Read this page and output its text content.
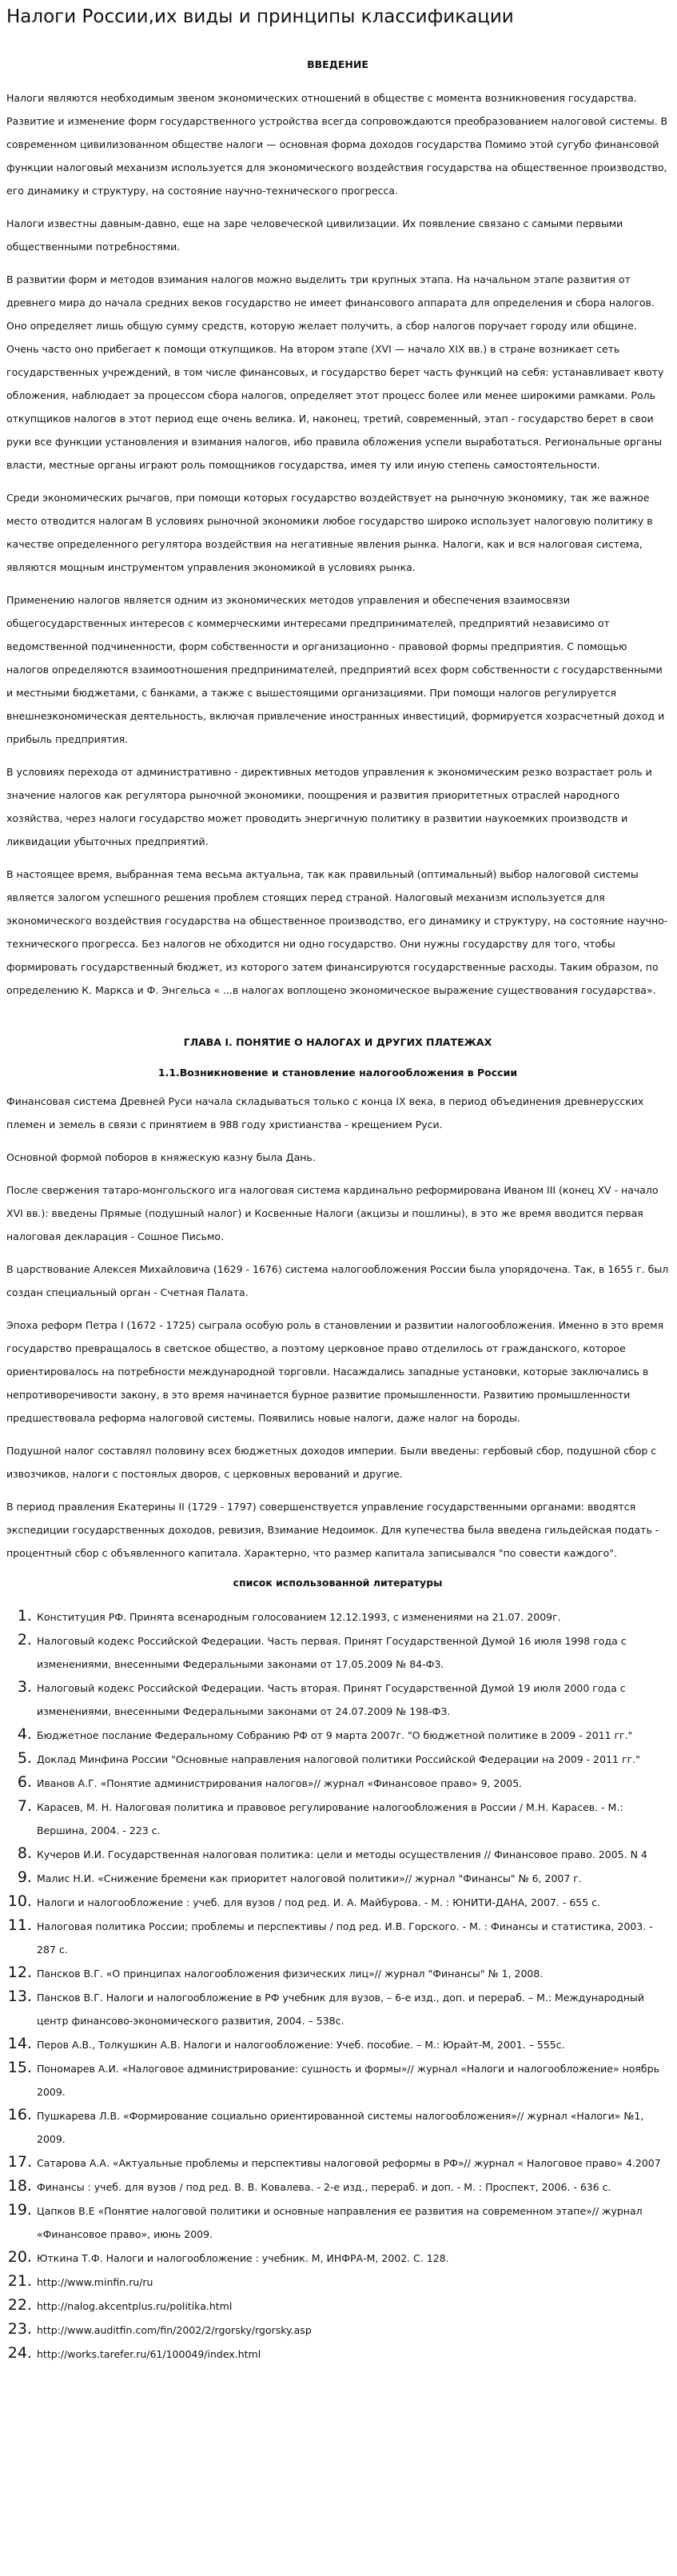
Налоги России,их виды и принципы классификации
ВВЕДЕНИЕ

Налоги являются необходимым звеном экономических отношений в обществе с момента возникновения государства. Развитие и изменение форм государственного устройства всегда сопровождаются преобразованием налоговой системы. В современном цивилизованном обществе налоги — основная форма доходов государства Помимо этой сугубо финансовой функции налоговый механизм используется для экономического воздействия государства на общественное производство, его динамику и структуру, на состояние научно-технического прогресса.

Налоги известны давным-давно, еще на заре человеческой цивилизации. Их появление связано с самыми первыми общественными потребностями.

В развитии форм и методов взимания налогов можно выделить три крупных этапа. На начальном этапе развития от древнего мира до начала средних веков государство не имеет финансового аппарата для определения и сбора налогов. Оно определяет лишь общую сумму средств, которую желает получить, а сбор налогов поручает городу или общине. Очень часто оно прибегает к помощи откупщиков. На втором этапе (XVI — начало XIX вв.) в стране возникает сеть государственных учреждений, в том числе финансовых, и государство берет часть функций на себя: устанавливает квоту обложения, наблюдает за процессом сбора налогов, определяет этот процесс более или менее широкими рамками. Роль откупщиков налогов в этот период еще очень велика. И, наконец, третий, современный, этап - государство берет в свои руки все функции установления и взимания налогов, ибо правила обложения успели выработаться. Региональные органы власти, местные органы играют роль помощников государства, имея ту или иную степень самостоятельности.

Среди экономических рычагов, при помощи которых государство воздействует на рыночную экономику, так же важное место отводится налогам В условиях рыночной экономики любое государство широко использует налоговую политику в качестве определенного регулятора воздействия на негативные явления рынка. Налоги, как и вся налоговая система, являются мощным инструментом управления экономикой в условиях рынка.

Применению налогов является одним из экономических методов управления и обеспечения взаимосвязи общегосударственных интересов с коммерческими интересами предпринимателей, предприятий независимо от ведомственной подчиненности, форм собственности и организационно - правовой формы предприятия. С помощью налогов определяются взаимоотношения предпринимателей, предприятий всех форм собственности с государственными и местными бюджетами, с банками, а также с вышестоящими организациями. При помощи налогов регулируется внешнеэкономическая деятельность, включая привлечение иностранных инвестиций, формируется хозрасчетный доход и прибыль предприятия.

В условиях перехода от административно - директивных методов управления к экономическим резко возрастает роль и значение налогов как регулятора рыночной экономики, поощрения и развития приоритетных отраслей народного хозяйства, через налоги государство может проводить энергичную политику в развитии наукоемких производств и ликвидации убыточных предприятий.

В настоящее время, выбранная тема весьма актуальна, так как правильный (оптимальный) выбор налоговой системы является залогом успешного решения проблем стоящих перед страной. Налоговый механизм используется для экономического воздействия государства на общественное производство, его динамику и структуру, на состояние научно-технического прогресса. Без налогов не обходится ни одно государство. Они нужны государству для того, чтобы формировать государственный бюджет, из которого затем финансируются государственные расходы. Таким образом, по определению К. Маркса и Ф. Энгельса « ...в налогах воплощено экономическое выражение существования государства».

ГЛАВА I. ПОНЯТИЕ О НАЛОГАХ И ДРУГИХ ПЛАТЕЖАХ
1.1.Возникновение и становление налогообложения в России

Финансовая система Древней Руси начала складываться только с конца IX века, в период объединения древнерусских племен и земель в связи с принятием в 988 году христианства - крещением Руси.

Основной формой поборов в княжескую казну была Дань.

После свержения татаро-монгольского ига налоговая система кардинально реформирована Иваном III (конец XV - начало XVI вв.): введены Прямые (подушный налог) и Косвенные Налоги (акцизы и пошлины), в это же время вводится первая налоговая декларация - Сошное Письмо.

В царствование Алексея Михайловича (1629 - 1676) система налогообложения России была упорядочена. Так, в 1655 г. был создан специальный орган - Счетная Палата.

Эпоха реформ Петра I (1672 - 1725) сыграла особую роль в становлении и развитии налогообложения. Именно в это время государство превращалось в светское общество, а поэтому церковное право отделилось от гражданского, которое ориентировалось на потребности международной торговли. Насаждались западные установки, которые заключались в непротиворечивости закону, в это время начинается бурное развитие промышленности. Развитию промышленности предшествовала реформа налоговой системы. Появились новые налоги, даже налог на бороды.

Подушной налог составлял половину всех бюджетных доходов империи. Были введены: гербовый сбор, подушной сбор с извозчиков, налоги с постоялых дворов, с церковных верований и другие.

В период правления Екатерины II (1729 - 1797) совершенствуется управление государственными органами: вводятся экспедиции государственных доходов, ревизия, Взимание Недоимок. Для купечества была введена гильдейская подать - процентный сбор с объявленного капитала. Характерно, что размер капитала записывался "по совести каждого".

список использованной литературы
1. Конституция РФ. Принята всенародным голосованием 12.12.1993, с изменениями на 21.07. 2009г.
2. Налоговый кодекс Российской Федерации. Часть первая. Принят Государственной Думой 16 июля 1998 года с изменениями, внесенными Федеральными законами от 17.05.2009 № 84-ФЗ.
3. Налоговый кодекс Российской Федерации. Часть вторая. Принят Государственной Думой 19 июля 2000 года с изменениями, внесенными Федеральными законами от 24.07.2009 № 198-ФЗ.
4. Бюджетное послание Федеральному Собранию РФ от 9 марта 2007г. "О бюджетной политике в 2009 - 2011 гг."
5. Доклад Минфина России "Основные направления налоговой политики Российской Федерации на 2009 - 2011 гг."
6. Иванов А.Г. «Понятие администрирования налогов»// журнал «Финансовое право» 9, 2005.
7. Карасев, М. Н. Налоговая политика и правовое регулирование налогообложения в России / М.Н. Карасев. - М.: Вершина, 2004. - 223 с.
8. Кучеров И.И. Государственная налоговая политика: цели и методы осуществления // Финансовое право. 2005. N 4
9. Малис Н.И. «Снижение бремени как приоритет налоговой политики»// журнал "Финансы" № 6, 2007 г.
10. Налоги и налогообложение : учеб. для вузов / под ред. И. А. Майбурова. - М. : ЮНИТИ-ДАНА, 2007. - 655 с.
11. Налоговая политика России; проблемы и перспективы / под ред. И.В. Горского. - М. : Финансы и статистика, 2003. - 287 с.
12. Пансков В.Г. «О принципах налогообложения физических лиц»// журнал "Финансы" № 1, 2008.
13. Пансков В.Г. Налоги и налогообложение в РФ учебник для вузов, – 6-е изд., доп. и перераб. – М.: Международный центр финансово-экономического развития, 2004. – 538с.
14. Перов А.В., Толкушкин А.В. Налоги и налогообложение: Учеб. пособие. – М.: Юрайт-М, 2001. – 555с.
15. Пономарев А.И. «Налоговое администрирование: сушность и формы»// журнал «Налоги и налогообложение» ноябрь 2009.
16. Пушкарева Л.В. «Формирование социально ориентированной системы налогообложения»// журнал «Налоги» №1, 2009.
17. Сатарова А.А. «Актуальные проблемы и перспективы налоговой реформы в РФ»// журнал « Налоговое право» 4.2007
18. Финансы : учеб. для вузов / под ред. В. В. Ковалева. - 2-е изд., перераб. и доп. - М. : Проспект, 2006. - 636 с.
19. Цапков В.Е «Понятие налоговой политики и основные направления ее развития на современном этапе»// журнал «Финансовое право», июнь 2009.
20. Юткина Т.Ф. Налоги и налогообложение : учебник. М, ИНФРА-М, 2002. С. 128.
21. http://www.minfin.ru/ru
22. http://nalog.akcentplus.ru/politika.html
23. http://www.auditfin.com/fin/2002/2/rgorsky/rgorsky.asp
24. http://works.tarefer.ru/61/100049/index.html
